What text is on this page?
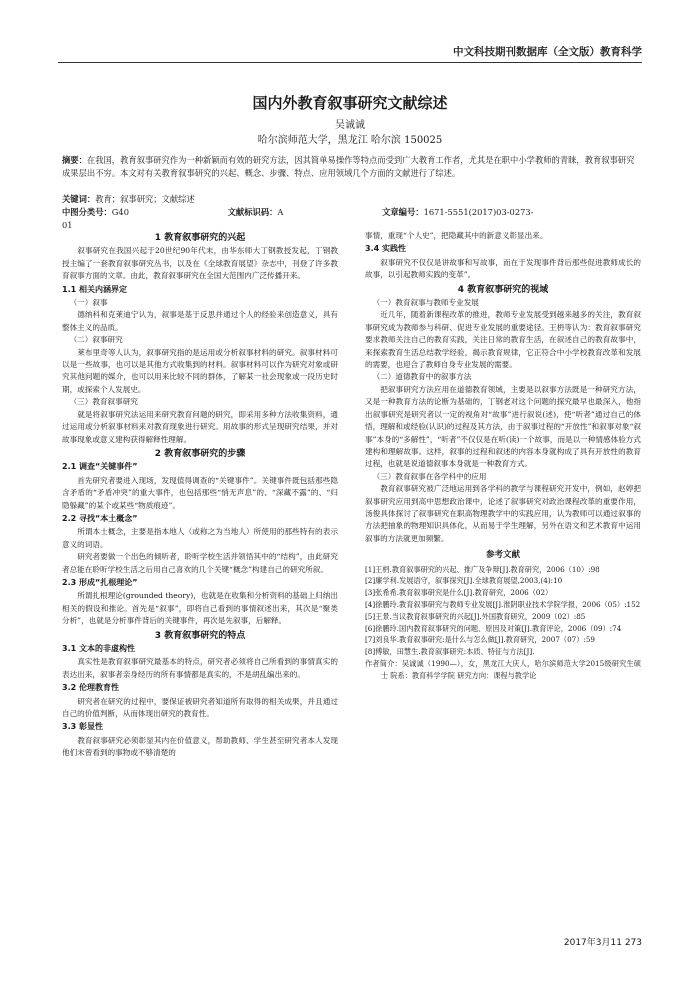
中文科技期刊数据库（全文版）教育科学
国内外教育叙事研究文献综述
吴诚诚
哈尔滨师范大学，黑龙江 哈尔滨 150025
摘要：在我国，教育叙事研究作为一种新颖而有效的研究方法，因其简单易操作等特点而受到广大教育工作者，尤其是在职中小学教师的青睐，教育叙事研究成果层出不穷。本文对有关教育叙事研究的兴起、概念、步骤、特点、应用领域几个方面的文献进行了综述。
关键词：教育；叙事研究；文献综述
中图分类号：G40	文献标识码：A	文章编号：1671-5551(2017)03-0273-01

1 教育叙事研究的兴起

叙事研究在我国兴起于20世纪90年代末，由华东师大丁钢教授发起，丁钢教授主编了一套教育叙事研究丛书，以及在《全球教育展望》杂志中，刊登了许多教育叙事方面的文章。由此，教育叙事研究在全国大范围内广泛传播开来。

1.1 相关内涵界定

（一）叙事

德纳科和克莱迪宁认为，叙事是基于反思并通过个人的经验来创造意义，具有整体主义的品质。

（二）叙事研究

莱布里奇等人认为，叙事研究指的是运用或分析叙事材料的研究。叙事材料可以是一些故事，也可以是其他方式收集到的材料。叙事材料可以作为研究对象或研究其他问题的媒介，也可以用来比较不同的群体，了解某一社会现象或一段历史时期，或探索个人发展史。

（三）教育叙事研究

就是将叙事研究法运用来研究教育问题的研究，即采用多种方法收集资料，通过运用或分析叙事材料来对教育现象进行研究。用故事的形式呈现研究结果，并对故事现象或意义建构获得解释性理解。

2 教育叙事研究的步骤

2.1 调查“关键事件”

首先研究者要进入现场，发现值得调查的“关键事件”。关键事件既包括那些隐含矛盾的“矛盾冲突”的重大事件，也包括那些“悄无声息”的、“深藏不露”的、“归隐躲藏”的某个或某些“物质痕迹”。

2.2 寻找“本土概念”

所谓本土概念，主要是指本地人（或称之为当地人）所使用的那些特有的表示意义的词语。

研究者要做一个出色的倾听者，聆听学校生活并领悟其中的“结构”，由此研究者总能在聆听学校生活之后用自己喜欢的几个关键“概念”构建自己的研究所叙。

2.3 形成“扎根理论”

所谓扎根理论(grounded theory)，也就是在收集和分析资料的基础上归纳出相关的假设和推论。首先是“叙事”，即将自己看到的事情叙述出来，其次是“聚类分析”，也就是分析事件背后的关键事件，再次是先叙事，后解释。

3 教育叙事研究的特点

3.1 文本的非虚构性

真实性是教育叙事研究最基本的特点，研究者必须将自己所看到的事情真实的表达出来，叙事者亲身经历的所有事情都是真实的，不是胡乱编出来的。

3.2 伦理教育性

研究者在研究的过程中，要保证被研究者知道所有取得的相关成果，并且通过自己的价值判断，从而体现出研究的教育性。

3.3 彰显性

教育叙事研究必须彰显其内在价值意义，帮助教师、学生甚至研究者本人发现他们未曾看到的事物或不够清楚的

事情，重现“个人史”，把隐藏其中的新意义彰显出来。

3.4 实践性

叙事研究不仅仅是讲故事和写故事，而在于发现事件背后那些促进教师成长的故事，以引起教师实践的变革”。

4 教育叙事研究的视域

（一）教育叙事与教师专业发展

近几年，随着新课程改革的推进，教师专业发展受到越来越多的关注，教育叙事研究成为教师参与科研、促进专业发展的重要途径。王枬等认为：教育叙事研究要求教师关注自己的教育实践，关注日常的教育生活，在叙述自己的教育故事中，来探索教育生活总结教学经验，揭示教育规律，它正符合中小学校教育改革和发展的需要，也迎合了教师自身专业发展的需要。

（二）道德教育中的叙事方法

把叙事研究方法应用在道德教育领域，主要是以叙事方法既是一种研究方法，又是一种教育方法的论断为基础的，丁钢老对这个问题的探究最早也最深入，他指出叙事研究是研究者以一定的视角对“故事”进行叙说(述)，使“听者”通过自己的体悟，理解和或经验(认识)的过程及其方法，由于叙事过程的“开放性”和叙事对象“叙事”本身的“多解性”，“听者”不仅仅是在听(读)一个故事，而是以一种情感体验方式建构和理解故事。这样，叙事的过程和叙述的内容本身就构成了具有开放性的教育过程，也就是说道德叙事本身就是一种教育方式。

（三）教育叙事在各学科中的应用

教育叙事研究被广泛地运用到各学科的教学与课程研究开发中，例如，赵婷把叙事研究应用到高中思想政治课中，论述了叙事研究对政治课程改革的重要作用，汤俊具体探讨了叙事研究在职高物理教学中的实践应用，认为教师可以通过叙事的方法把抽象的物理知识具体化，从而易于学生理解，另外在语文和艺术教育中运用叙事的方法就更加频繁。

参考文献

[1]王枬.教育叙事研究的兴起、推广及争辩[J].教育研究，2006（10）:98

[2]廉学利.发展语守，叙事探究[J].全球教育展望,2003,(4):10

[3]张希希.教育叙事研究是什么[J].教育研究，2006（02）

[4]徐鹏玲.教育叙事研究与教师专业发展[J].淮阴职业技术学院学报，2006（05）:152

[5]王景.当议教育叙事研究的兴起[J].外国教育研究，2009（02）:85

[6]徐鹏玲.国内教育叙事研究的问题、原因及对策[J].教育评论，2006（09）:74

[7]刘良华.教育叙事研究:是什么与怎么做[J].教育研究，2007（07）:59

[8]傅敏，田慧生.教育叙事研究:本质、特征与方法[J].

作者简介：吴诚诚（1990—），女，黑龙江大庆人，哈尔滨师范大学2015级研究生硕士 院系：教育科学学院 研究方向：课程与教学论

2017年3月11 273
